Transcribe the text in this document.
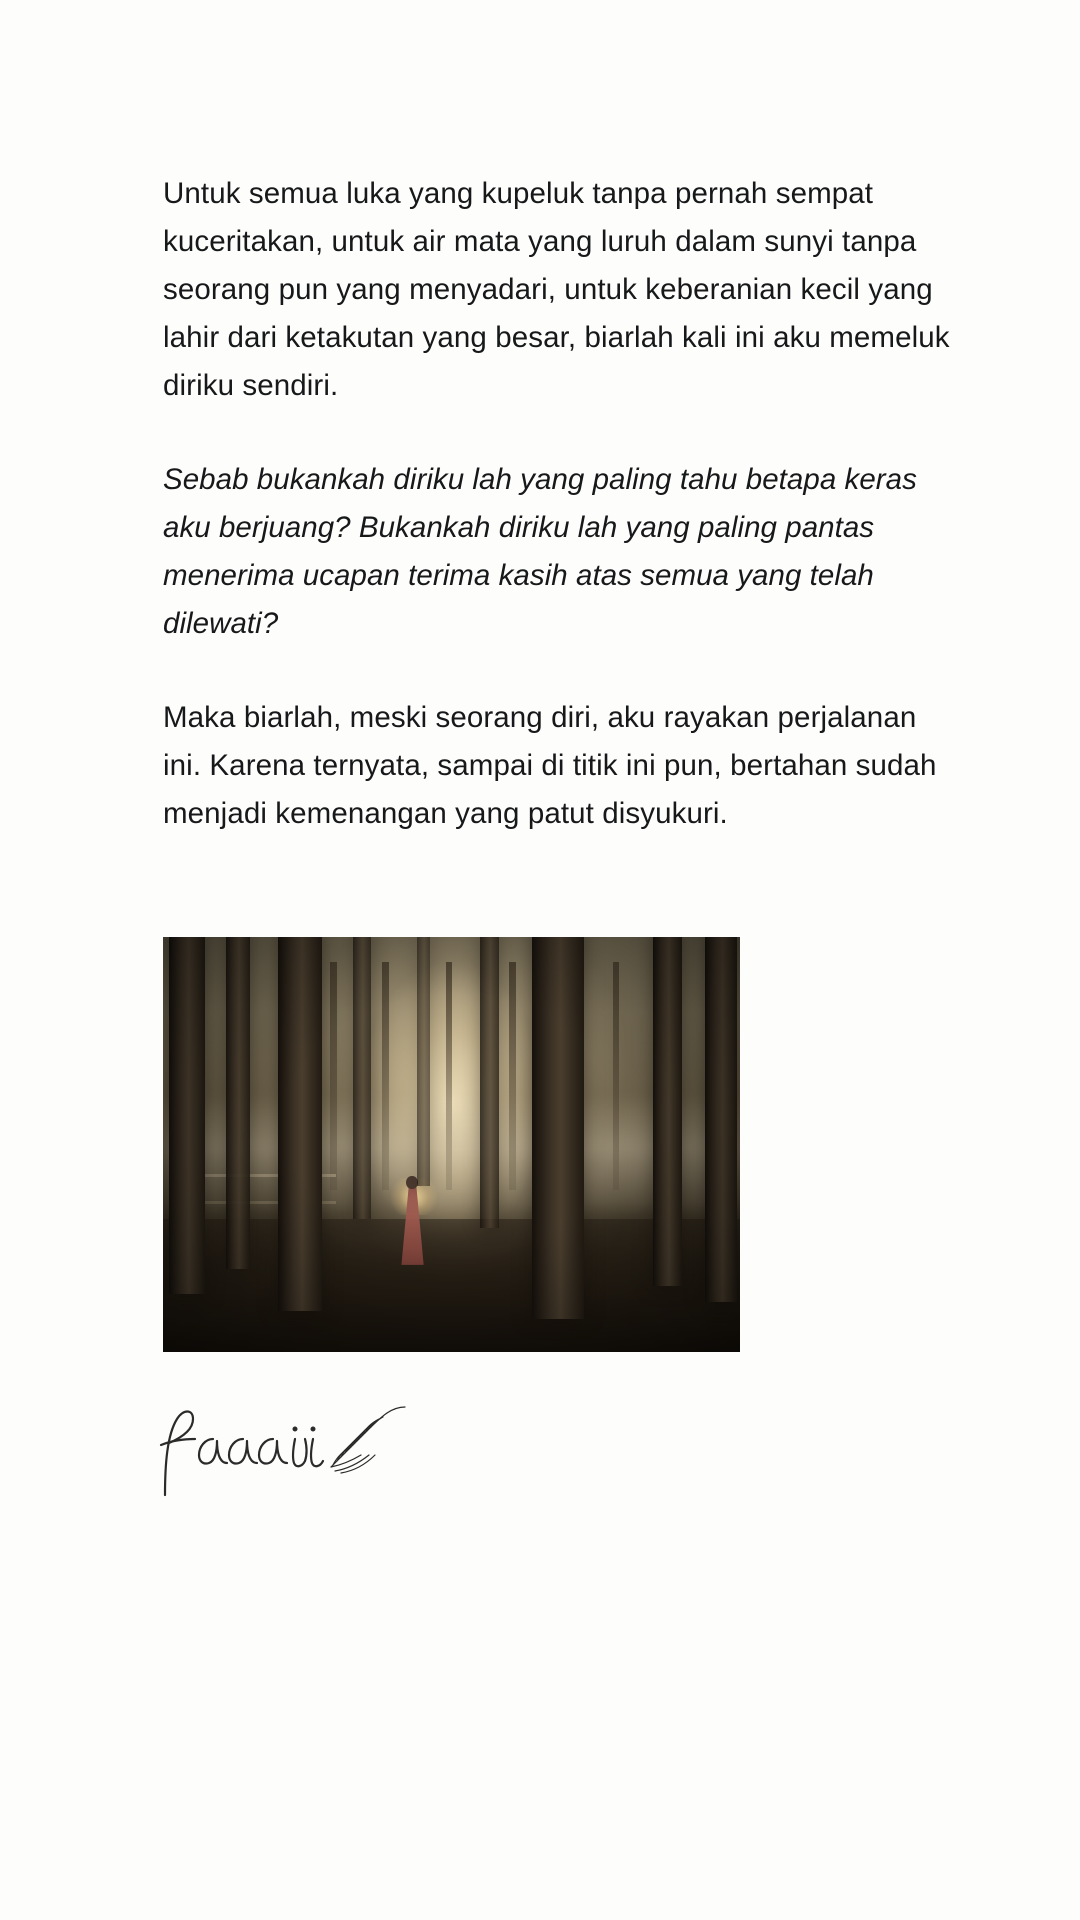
Untuk semua luka yang kupeluk tanpa pernah sempat kuceritakan, untuk air mata yang luruh dalam sunyi tanpa seorang pun yang menyadari, untuk keberanian kecil yang lahir dari ketakutan yang besar, biarlah kali ini aku memeluk diriku sendiri.

Sebab bukankah diriku lah yang paling tahu betapa keras aku berjuang? Bukankah diriku lah yang paling pantas menerima ucapan terima kasih atas semua yang telah dilewati?

Maka biarlah, meski seorang diri, aku rayakan perjalanan ini. Karena ternyata, sampai di titik ini pun, bertahan sudah menjadi kemenangan yang patut disyukuri.
